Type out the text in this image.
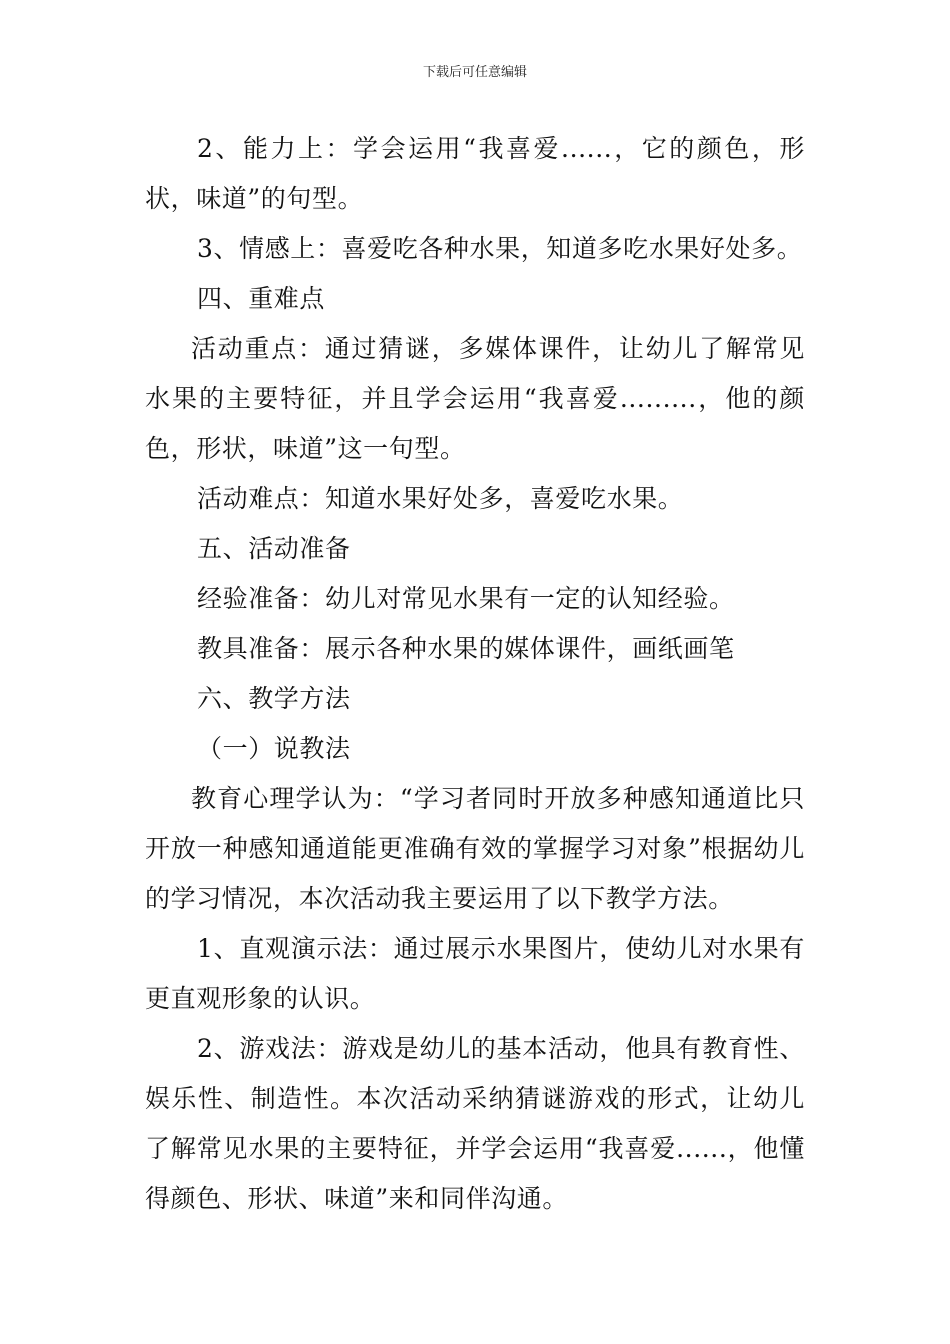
下载后可任意编辑

2、能力上：学会运用“我喜爱......，它的颜色，形状，味道”的句型。

3、情感上：喜爱吃各种水果，知道多吃水果好处多。

四、重难点

活动重点：通过猜谜，多媒体课件，让幼儿了解常见水果的主要特征，并且学会运用“我喜爱.........，他的颜色，形状，味道”这一句型。

活动难点：知道水果好处多，喜爱吃水果。

五、活动准备

经验准备：幼儿对常见水果有一定的认知经验。

教具准备：展示各种水果的媒体课件，画纸画笔

六、教学方法

（一）说教法

教育心理学认为：“学习者同时开放多种感知通道比只开放一种感知通道能更准确有效的掌握学习对象”根据幼儿的学习情况，本次活动我主要运用了以下教学方法。

1、直观演示法：通过展示水果图片，使幼儿对水果有更直观形象的认识。

2、游戏法：游戏是幼儿的基本活动，他具有教育性、娱乐性、制造性。本次活动采纳猜谜游戏的形式，让幼儿了解常见水果的主要特征，并学会运用“我喜爱......，他懂得颜色、形状、味道”来和同伴沟通。
